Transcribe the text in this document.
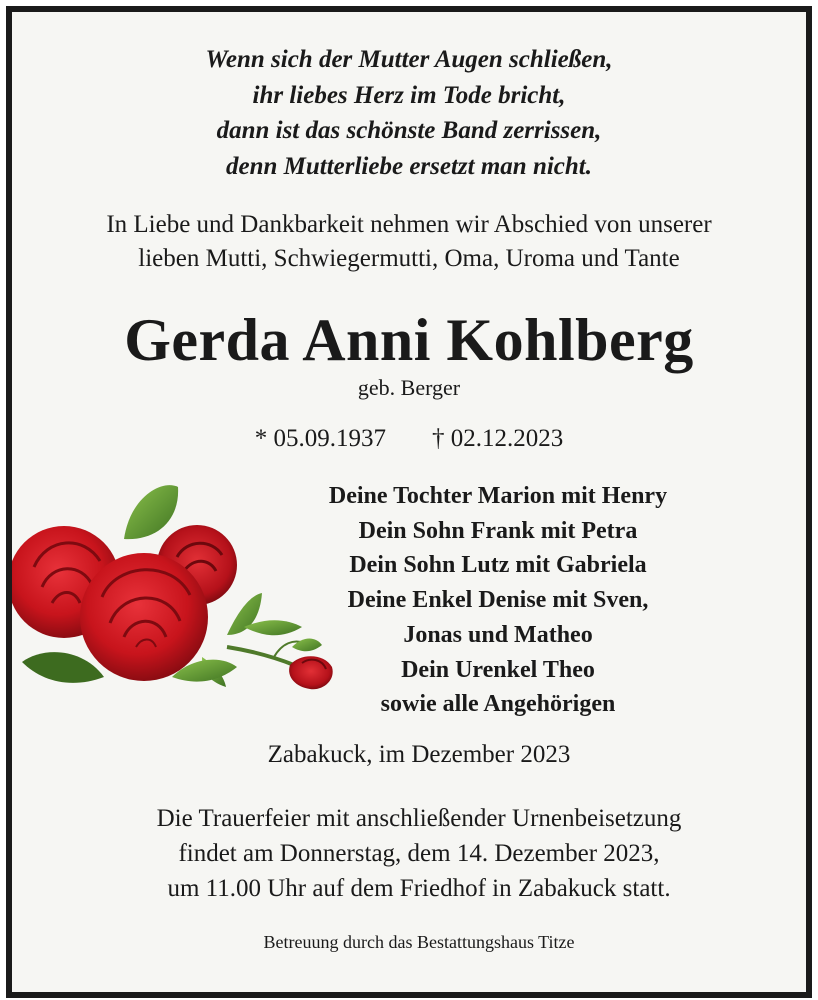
Wenn sich der Mutter Augen schließen,
ihr liebes Herz im Tode bricht,
dann ist das schönste Band zerrissen,
denn Mutterliebe ersetzt man nicht.
In Liebe und Dankbarkeit nehmen wir Abschied von unserer
lieben Mutti, Schwiegermutti, Oma, Uroma und Tante
Gerda Anni Kohlberg
geb. Berger
* 05.09.1937 † 02.12.2023
Deine Tochter Marion mit Henry
Dein Sohn Frank mit Petra
Dein Sohn Lutz mit Gabriela
Deine Enkel Denise mit Sven,
Jonas und Matheo
Dein Urenkel Theo
sowie alle Angehörigen
Zabakuck, im Dezember 2023
Die Trauerfeier mit anschließender Urnenbeisetzung
findet am Donnerstag, dem 14. Dezember 2023,
um 11.00 Uhr auf dem Friedhof in Zabakuck statt.
Betreuung durch das Bestattungshaus Titze
